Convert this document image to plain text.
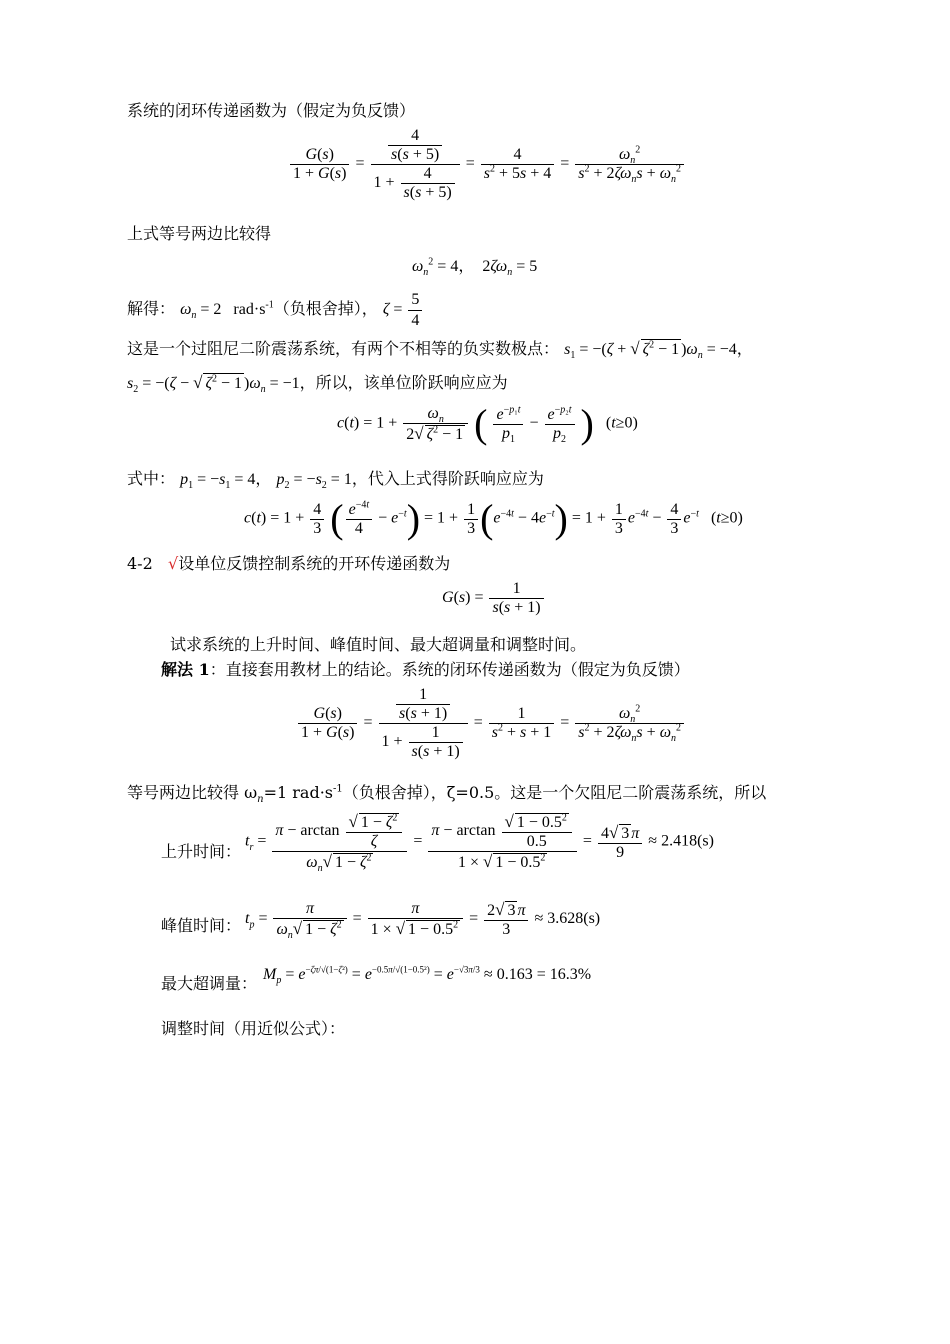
系统的闭环传递函数为（假定为负反馈）
$\frac{G(s)}{1 + G(s)} = \frac{\frac{4}{s(s + 5)}}{1 + \frac{4}{s(s + 5)}} = \frac{4}{s^2 + 5s + 4} = \frac{\omega_n^2}{s^2 + 2\zeta\omega_ns + \omega_n^2}$
上式等号两边比较得
$\omega_n^2 = 4$，  $2\zeta\omega_n = 5$
解得： $\omega_n = 2$   $rad\cdot s^{-1}$（负根舍掉）， $\zeta = \frac{5}{4}$
这是一个过阻尼二阶震荡系统，有两个不相等的负实数极点： $s_1 = -(\zeta$ + √ $\zeta^2 - 1$ )$\omega_n = -4$，
$s_2 = -(\zeta$ − √ $\zeta^2 - 1$ )$\omega_n = -1$，所以，该单位阶跃响应应为
$c(t) = 1 + \frac{\omega_n}{2√ \zeta^2 - 1}$ ( $\frac{e^{-p_1t}}{p_1} - \frac{e^{-p_2t}}{p_2}$ )   (t≥0)
式中： $p_1 = -s_1 = 4$， $p_2 = -s_2 = 1$，代入上式得阶跃响应应为
$c(t) = 1 + \frac{4}{3}$ ( $\frac{e^{-4t}}{4} - e^{-t}) = 1 + \frac{1}{3} (e^{-4t} - 4e^{-t}) = 1 + \frac{1}{3} e^{-4t} - \frac{4}{3} e^{-t}$   (t≥0)
4-2 √设单位反馈控制系统的开环传递函数为
$G(s) = \frac{1}{s(s + 1)}$
试求系统的上升时间、峰值时间、最大超调量和调整时间。
解法 1：直接套用教材上的结论。系统的闭环传递函数为（假定为负反馈）
$\frac{G(s)}{1 + G(s)} = \frac{\frac{1}{s(s + 1)}}{1 + \frac{1}{s(s + 1)}} = \frac{1}{s^2 + s + 1} = \frac{\omega_n^2}{s^2 + 2\zeta\omega_ns + \omega_n^2}$
等号两边比较得 $\omega_n=1$ $rad\cdot s^{-1}$（负根舍掉），ζ=0.5。这是一个欠阻尼二阶震荡系统，所以
上升时间：
$t_r = \frac{\pi - \arctan \frac{√ 1 - \zeta^2}{\zeta}}{\omega_n√ 1 - \zeta^2} = \frac{\pi - \arctan \frac{√ 1 - 0.5^2}{0.5}}{1 \times √ 1 - 0.5^2} = \frac{4√ 3 \pi}{9} \approx 2.418(s)$
峰值时间： $t_p = \frac{\pi}{\omega_n√ 1 - \zeta^2} = \frac{\pi}{1 \times √ 1 - 0.5^2} = \frac{2√ 3 \pi}{3} \approx 3.628(s)$
最大超调量： $M_p = e^{-\zeta\pi/√(1-\zeta^2)} = e^{-0.5\pi/√(1-0.5^2)} = e^{-√3\pi/3} \approx 0.163 = 16.3\%$
调整时间（用近似公式）：
